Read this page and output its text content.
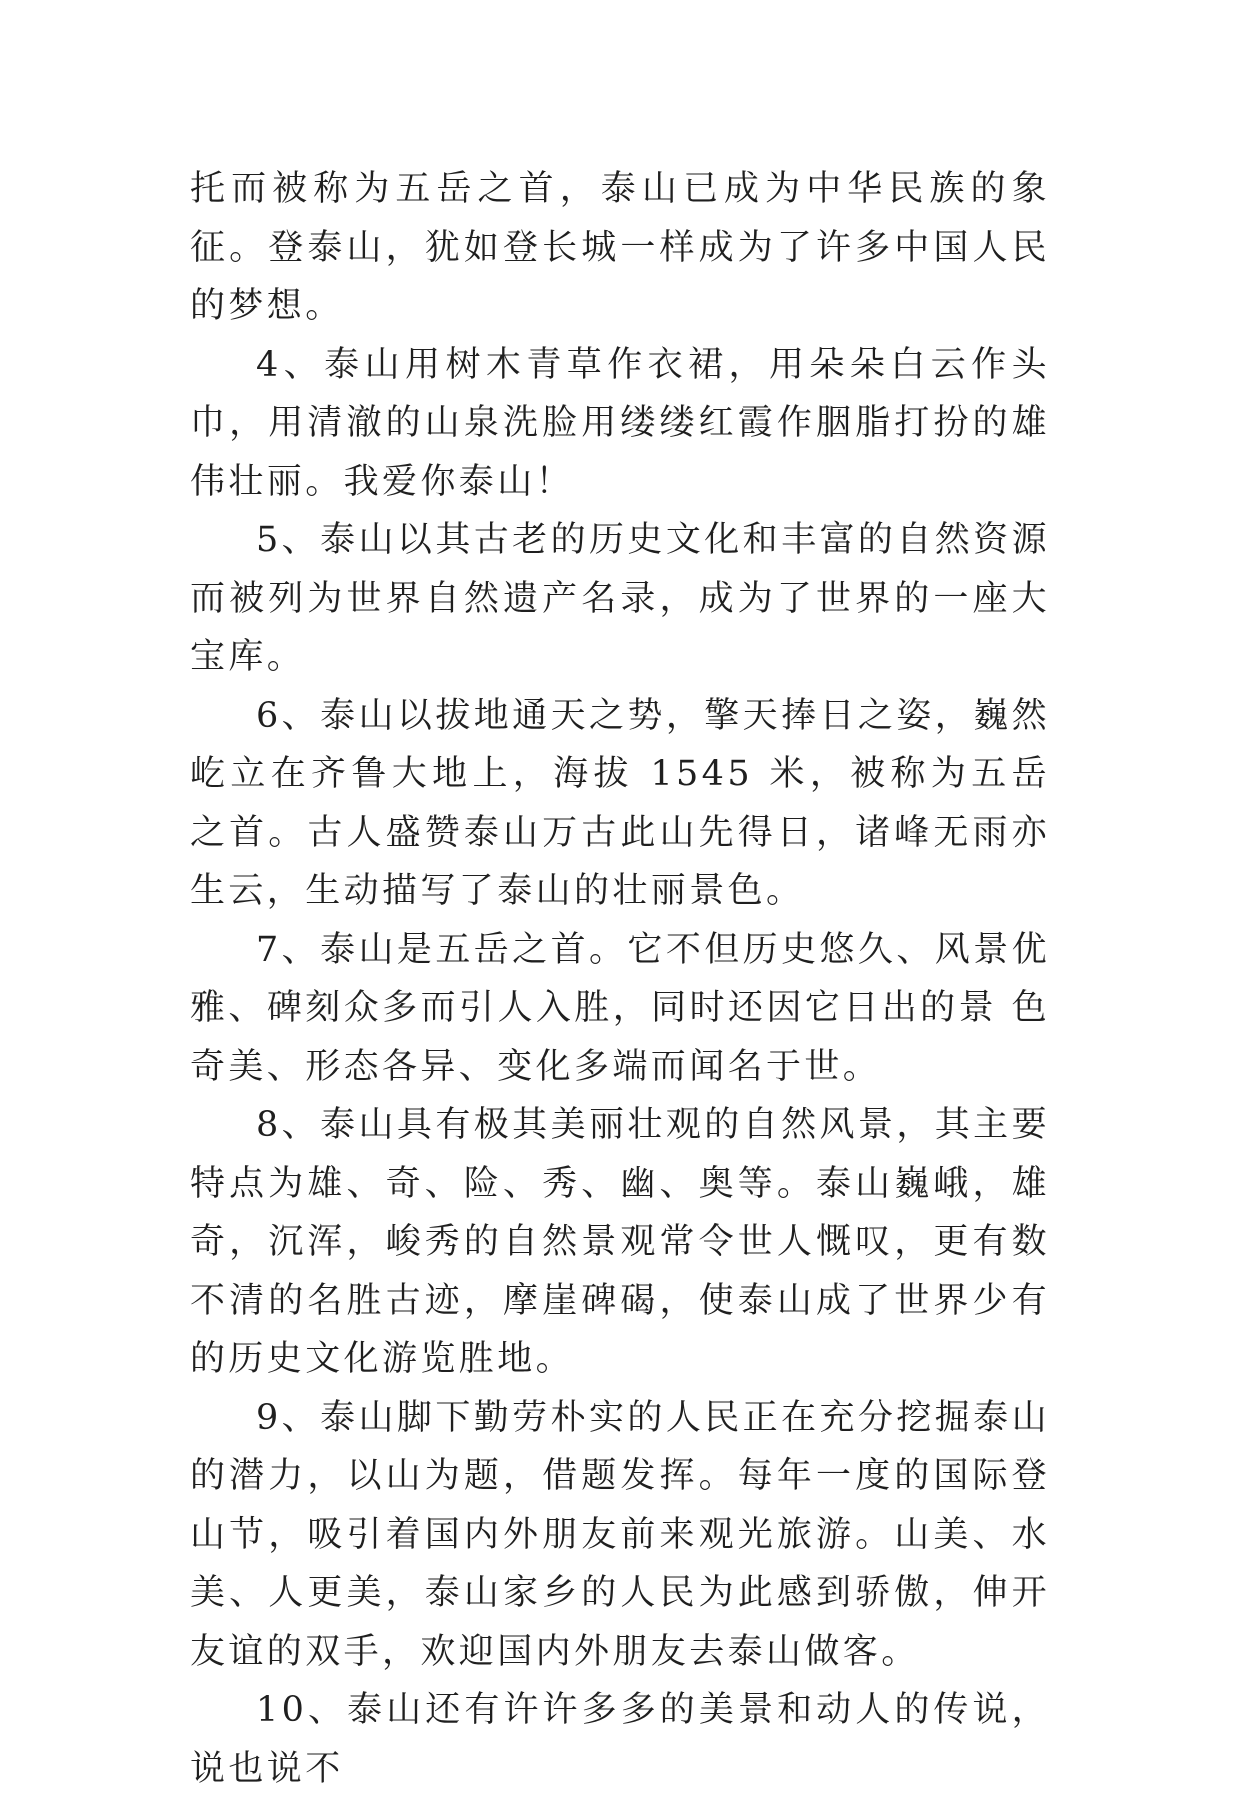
托而被称为五岳之首，泰山已成为中华民族的象征。登泰山，犹如登长城一样成为了许多中国人民的梦想。

4、泰山用树木青草作衣裙，用朵朵白云作头巾，用清澈的山泉洗脸用缕缕红霞作胭脂打扮的雄伟壮丽。我爱你泰山！

5、泰山以其古老的历史文化和丰富的自然资源而被列为世界自然遗产名录，成为了世界的一座大宝库。

6、泰山以拔地通天之势，擎天捧日之姿，巍然屹立在齐鲁大地上，海拔 1545 米，被称为五岳之首。古人盛赞泰山万古此山先得日，诸峰无雨亦生云，生动描写了泰山的壮丽景色。

7、泰山是五岳之首。它不但历史悠久、风景优雅、碑刻众多而引人入胜，同时还因它日出的景 色奇美、形态各异、变化多端而闻名于世。

8、泰山具有极其美丽壮观的自然风景，其主要特点为雄、奇、险、秀、幽、奥等。泰山巍峨，雄奇，沉浑，峻秀的自然景观常令世人慨叹，更有数不清的名胜古迹，摩崖碑碣，使泰山成了世界少有的历史文化游览胜地。

9、泰山脚下勤劳朴实的人民正在充分挖掘泰山的潜力，以山为题，借题发挥。每年一度的国际登山节，吸引着国内外朋友前来观光旅游。山美、水美、人更美，泰山家乡的人民为此感到骄傲，伸开友谊的双手，欢迎国内外朋友去泰山做客。

10、泰山还有许许多多的美景和动人的传说，说也说不
